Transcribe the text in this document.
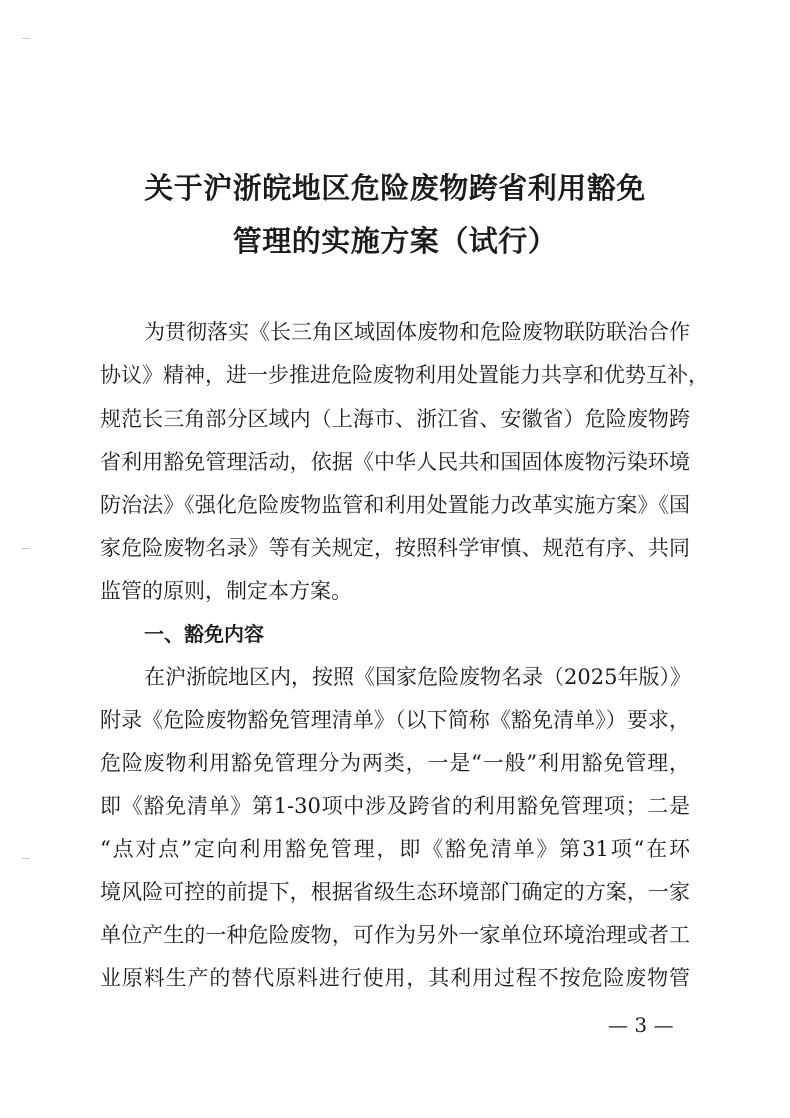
关于沪浙皖地区危险废物跨省利用豁免
管理的实施方案（试行）
为贯彻落实《长三角区域固体废物和危险废物联防联治合作
协议》精神，进一步推进危险废物利用处置能力共享和优势互补，
规范长三角部分区域内（上海市、浙江省、安徽省）危险废物跨
省利用豁免管理活动，依据《中华人民共和国固体废物污染环境
防治法》《强化危险废物监管和利用处置能力改革实施方案》《国
家危险废物名录》等有关规定，按照科学审慎、规范有序、共同
监管的原则，制定本方案。
一、豁免内容
在沪浙皖地区内，按照《国家危险废物名录（2025年版）》
附录《危险废物豁免管理清单》（以下简称《豁免清单》）要求，
危险废物利用豁免管理分为两类，一是“一般”利用豁免管理，
即《豁免清单》第1-30项中涉及跨省的利用豁免管理项；二是
“点对点”定向利用豁免管理，即《豁免清单》第31项“在环
境风险可控的前提下，根据省级生态环境部门确定的方案，一家
单位产生的一种危险废物，可作为另外一家单位环境治理或者工
业原料生产的替代原料进行使用，其利用过程不按危险废物管
— 3 —
